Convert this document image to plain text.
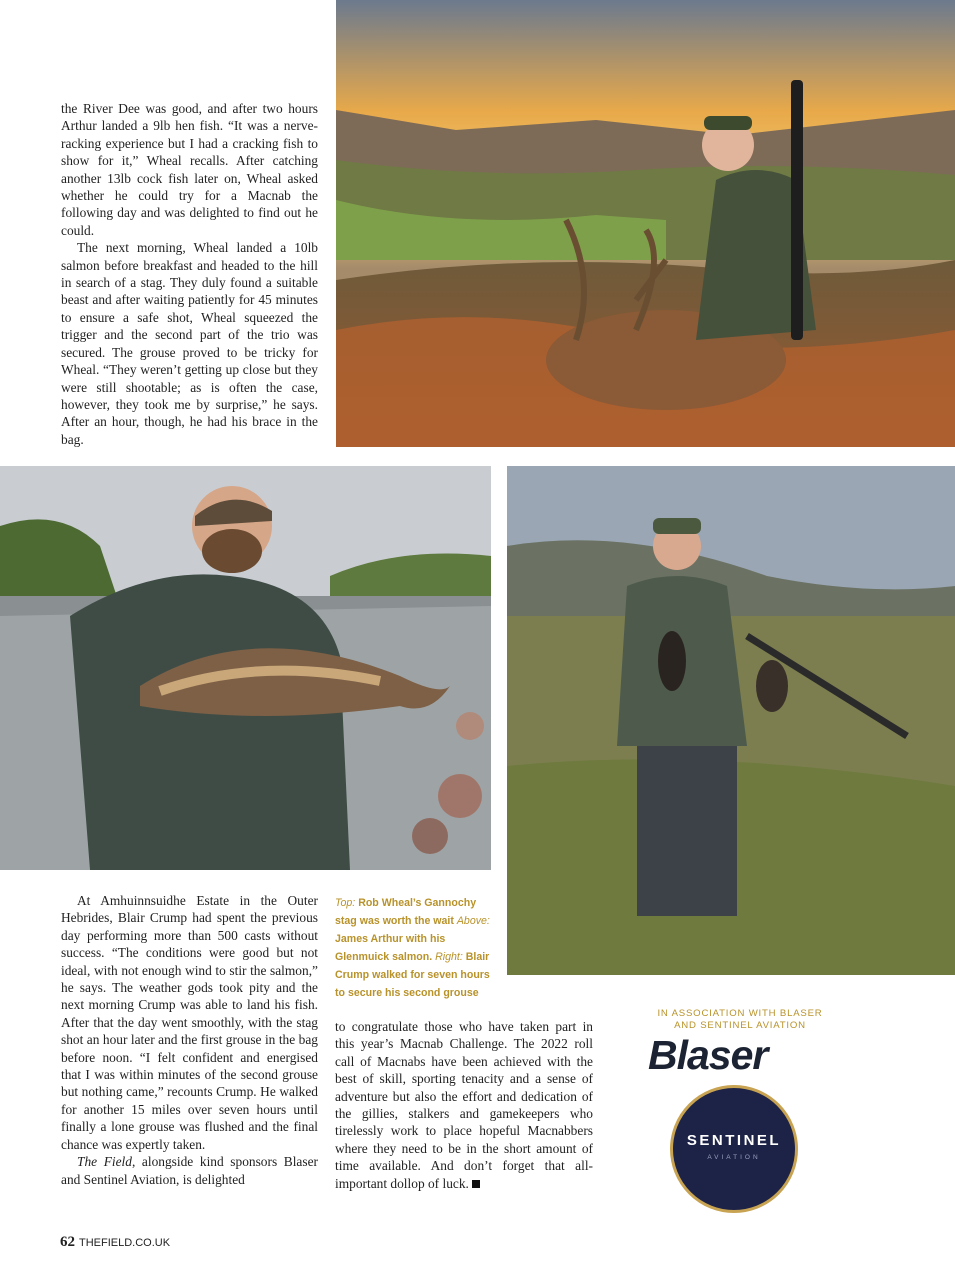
the River Dee was good, and after two hours Arthur landed a 9lb hen fish. “It was a nerve-racking experience but I had a cracking fish to show for it,” Wheal recalls. After catching another 13lb cock fish later on, Wheal asked whether he could try for a Macnab the following day and was delighted to find out he could.

The next morning, Wheal landed a 10lb salmon before breakfast and headed to the hill in search of a stag. They duly found a suitable beast and after waiting patiently for 45 minutes to ensure a safe shot, Wheal squeezed the trigger and the second part of the trio was secured. The grouse proved to be tricky for Wheal. “They weren’t getting up close but they were still shootable; as is often the case, however, they took me by surprise,” he says. After an hour, though, he had his brace in the bag.

At Amhuinnsuidhe Estate in the Outer Hebrides, Blair Crump had spent the previous day performing more than 500 casts without success. “The conditions were good but not ideal, with not enough wind to stir the salmon,” he says. The weather gods took pity and the next morning Crump was able to land his fish. After that the day went smoothly, with the stag shot an hour later and the first grouse in the bag before noon. “I felt confident and energised that I was within minutes of the second grouse but nothing came,” recounts Crump. He walked for another 15 miles over seven hours until finally a lone grouse was flushed and the final chance was expertly taken.

The Field, alongside kind sponsors Blaser and Sentinel Aviation, is delighted

Top: Rob Wheal’s Gannochy stag was worth the wait Above: James Arthur with his Glenmuick salmon. Right: Blair Crump walked for seven hours to secure his second grouse

to congratulate those who have taken part in this year’s Macnab Challenge. The 2022 roll call of Macnabs have been achieved with the best of skill, sporting tenacity and a sense of adventure but also the effort and dedication of the gillies, stalkers and gamekeepers who tirelessly work to place hopeful Macnabbers where they need to be in the short amount of time available. And don’t forget that all-important dollop of luck.

IN ASSOCIATION WITH BLASER
AND SENTINEL AVIATION
Blaser
SENTINEL
AVIATION
62 THEFIELD.CO.UK
